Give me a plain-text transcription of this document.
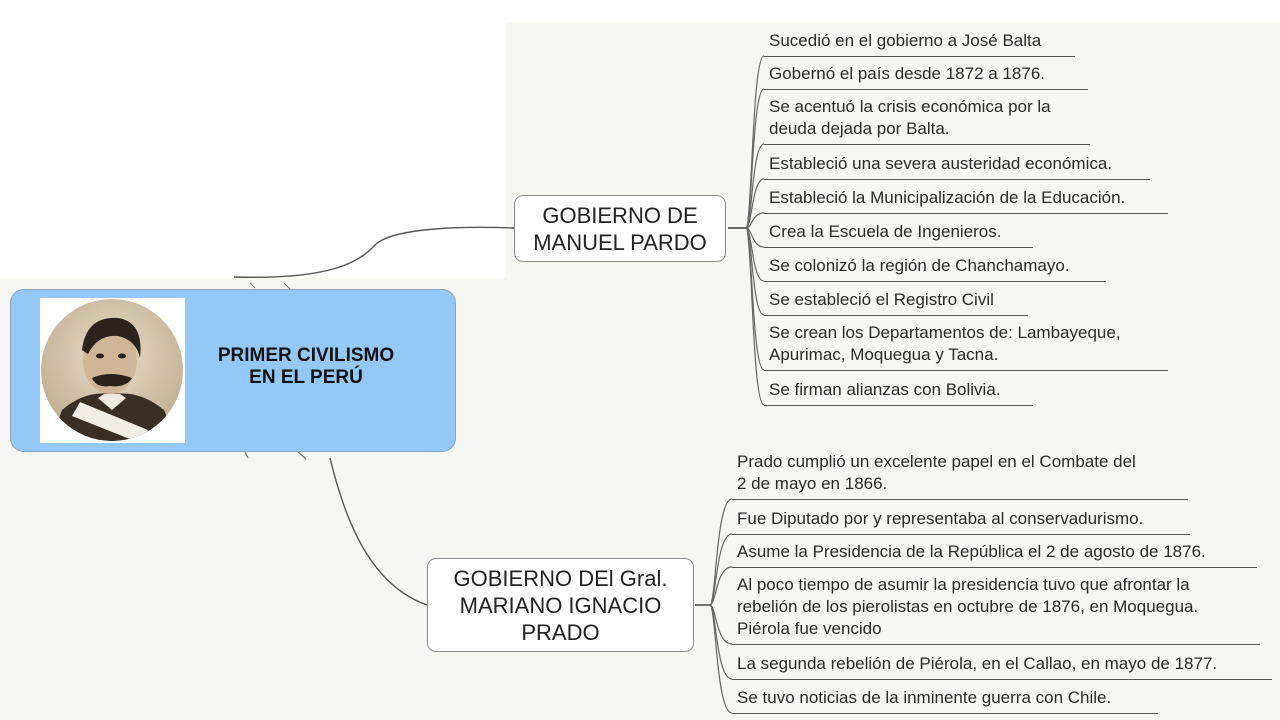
PRIMER CIVILISMO
EN EL PERÚ
GOBIERNO DE
MANUEL PARDO
GOBIERNO DEl Gral.
MARIANO IGNACIO
PRADO
Sucedió en el gobierno a José Balta
Gobernó el país desde 1872 a 1876.
Se acentuó la crisis económica por la
deuda dejada por Balta.
Estableció una severa austeridad económica.
Estableció la Municipalización de la Educación.
Crea la Escuela de Ingenieros.
Se colonizó la región de Chanchamayo.
Se estableció el Registro Civil
Se crean los Departamentos de: Lambayeque,
Apurimac, Moquegua y Tacna.
Se firman alianzas con Bolivia.
Prado cumplió un excelente papel en el Combate del
2 de mayo en 1866.
Fue Diputado por y representaba al conservadurismo.
Asume la Presidencia de la República el 2 de agosto de 1876.
Al poco tiempo de asumir la presidencia tuvo que afrontar la
rebelión de los pierolistas en octubre de 1876, en Moquegua.
Piérola fue vencido
La segunda rebelión de Piérola, en el Callao, en mayo de 1877.
Se tuvo noticias de la inminente guerra con Chile.
